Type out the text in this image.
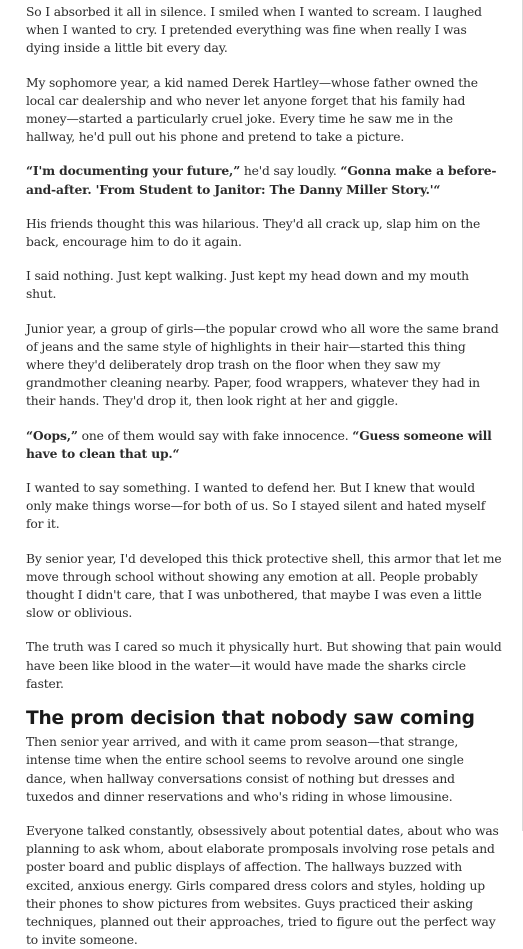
So I absorbed it all in silence. I smiled when I wanted to scream. I laughed when I wanted to cry. I pretended everything was fine when really I was dying inside a little bit every day.

My sophomore year, a kid named Derek Hartley—whose father owned the local car dealership and who never let anyone forget that his family had money—started a particularly cruel joke. Every time he saw me in the hallway, he'd pull out his phone and pretend to take a picture.

“I'm documenting your future,” he'd say loudly. “Gonna make a before-and-after. 'From Student to Janitor: The Danny Miller Story.'“

His friends thought this was hilarious. They'd all crack up, slap him on the back, encourage him to do it again.

I said nothing. Just kept walking. Just kept my head down and my mouth shut.

Junior year, a group of girls—the popular crowd who all wore the same brand of jeans and the same style of highlights in their hair—started this thing where they'd deliberately drop trash on the floor when they saw my grandmother cleaning nearby. Paper, food wrappers, whatever they had in their hands. They'd drop it, then look right at her and giggle.

“Oops,” one of them would say with fake innocence. “Guess someone will have to clean that up.“

I wanted to say something. I wanted to defend her. But I knew that would only make things worse—for both of us. So I stayed silent and hated myself for it.

By senior year, I'd developed this thick protective shell, this armor that let me move through school without showing any emotion at all. People probably thought I didn't care, that I was unbothered, that maybe I was even a little slow or oblivious.

The truth was I cared so much it physically hurt. But showing that pain would have been like blood in the water—it would have made the sharks circle faster.

The prom decision that nobody saw coming

Then senior year arrived, and with it came prom season—that strange, intense time when the entire school seems to revolve around one single dance, when hallway conversations consist of nothing but dresses and tuxedos and dinner reservations and who's riding in whose limousine.

Everyone talked constantly, obsessively about potential dates, about who was planning to ask whom, about elaborate promposals involving rose petals and poster board and public displays of affection. The hallways buzzed with excited, anxious energy. Girls compared dress colors and styles, holding up their phones to show pictures from websites. Guys practiced their asking techniques, planned out their approaches, tried to figure out the perfect way to invite someone.
